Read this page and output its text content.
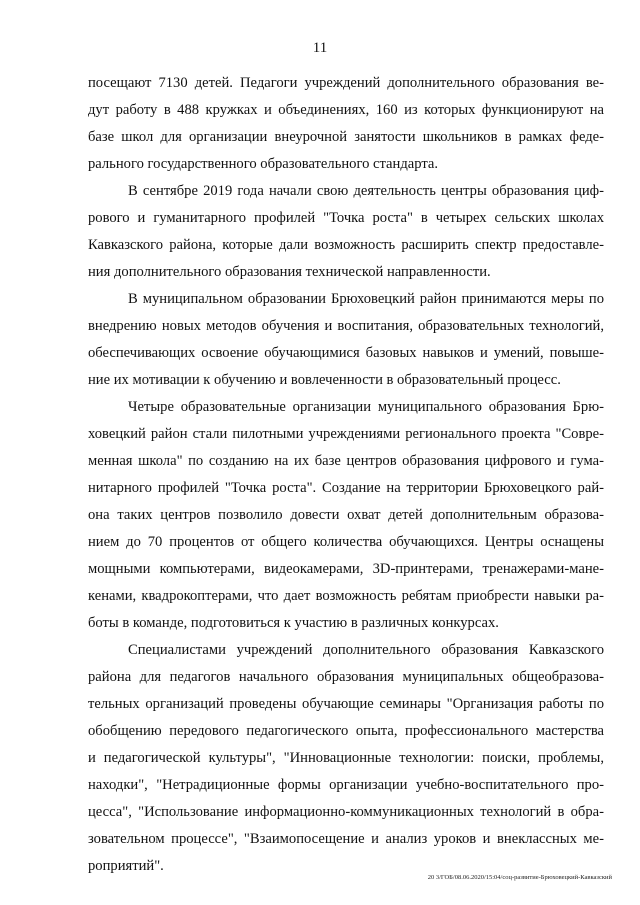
11

посещают 7130 детей. Педагоги учреждений дополнительного образования ве-

дут работу в 488 кружках и объединениях, 160 из которых функционируют на

базе школ для организации внеурочной занятости школьников в рамках феде-

рального государственного образовательного стандарта.

В сентябре 2019 года начали свою деятельность центры образования циф-

рового и гуманитарного профилей "Точка роста" в четырех сельских школах

Кавказского района, которые дали возможность расширить спектр предоставле-

ния дополнительного образования технической направленности.

В муниципальном образовании Брюховецкий район принимаются меры по

внедрению новых методов обучения и воспитания, образовательных технологий,

обеспечивающих освоение обучающимися базовых навыков и умений, повыше-

ние их мотивации к обучению и вовлеченности в образовательный процесс.

Четыре образовательные организации муниципального образования Брю-

ховецкий район стали пилотными учреждениями регионального проекта "Совре-

менная школа" по созданию на их базе центров образования цифрового и гума-

нитарного профилей "Точка роста". Создание на территории Брюховецкого рай-

она таких центров позволило довести охват детей дополнительным образова-

нием до 70 процентов от общего количества обучающихся. Центры оснащены

мощными компьютерами, видеокамерами, 3D-принтерами, тренажерами-мане-

кенами, квадрокоптерами, что дает возможность ребятам приобрести навыки ра-

боты в команде, подготовиться к участию в различных конкурсах.

Специалистами учреждений дополнительного образования Кавказского

района для педагогов начального образования муниципальных общеобразова-

тельных организаций проведены обучающие семинары "Организация работы по

обобщению передового педагогического опыта, профессионального мастерства

и педагогической культуры", "Инновационные технологии: поиски, проблемы,

находки", "Нетрадиционные формы организации учебно-воспитательного про-

цесса", "Использование информационно-коммуникационных технологий в обра-

зовательном процессе", "Взаимопосещение и анализ уроков и внеклассных ме-

роприятий".

20 3/ГОБ/08.06.2020/15:04/соц-развитие-Брюховецкий-Кавказский
